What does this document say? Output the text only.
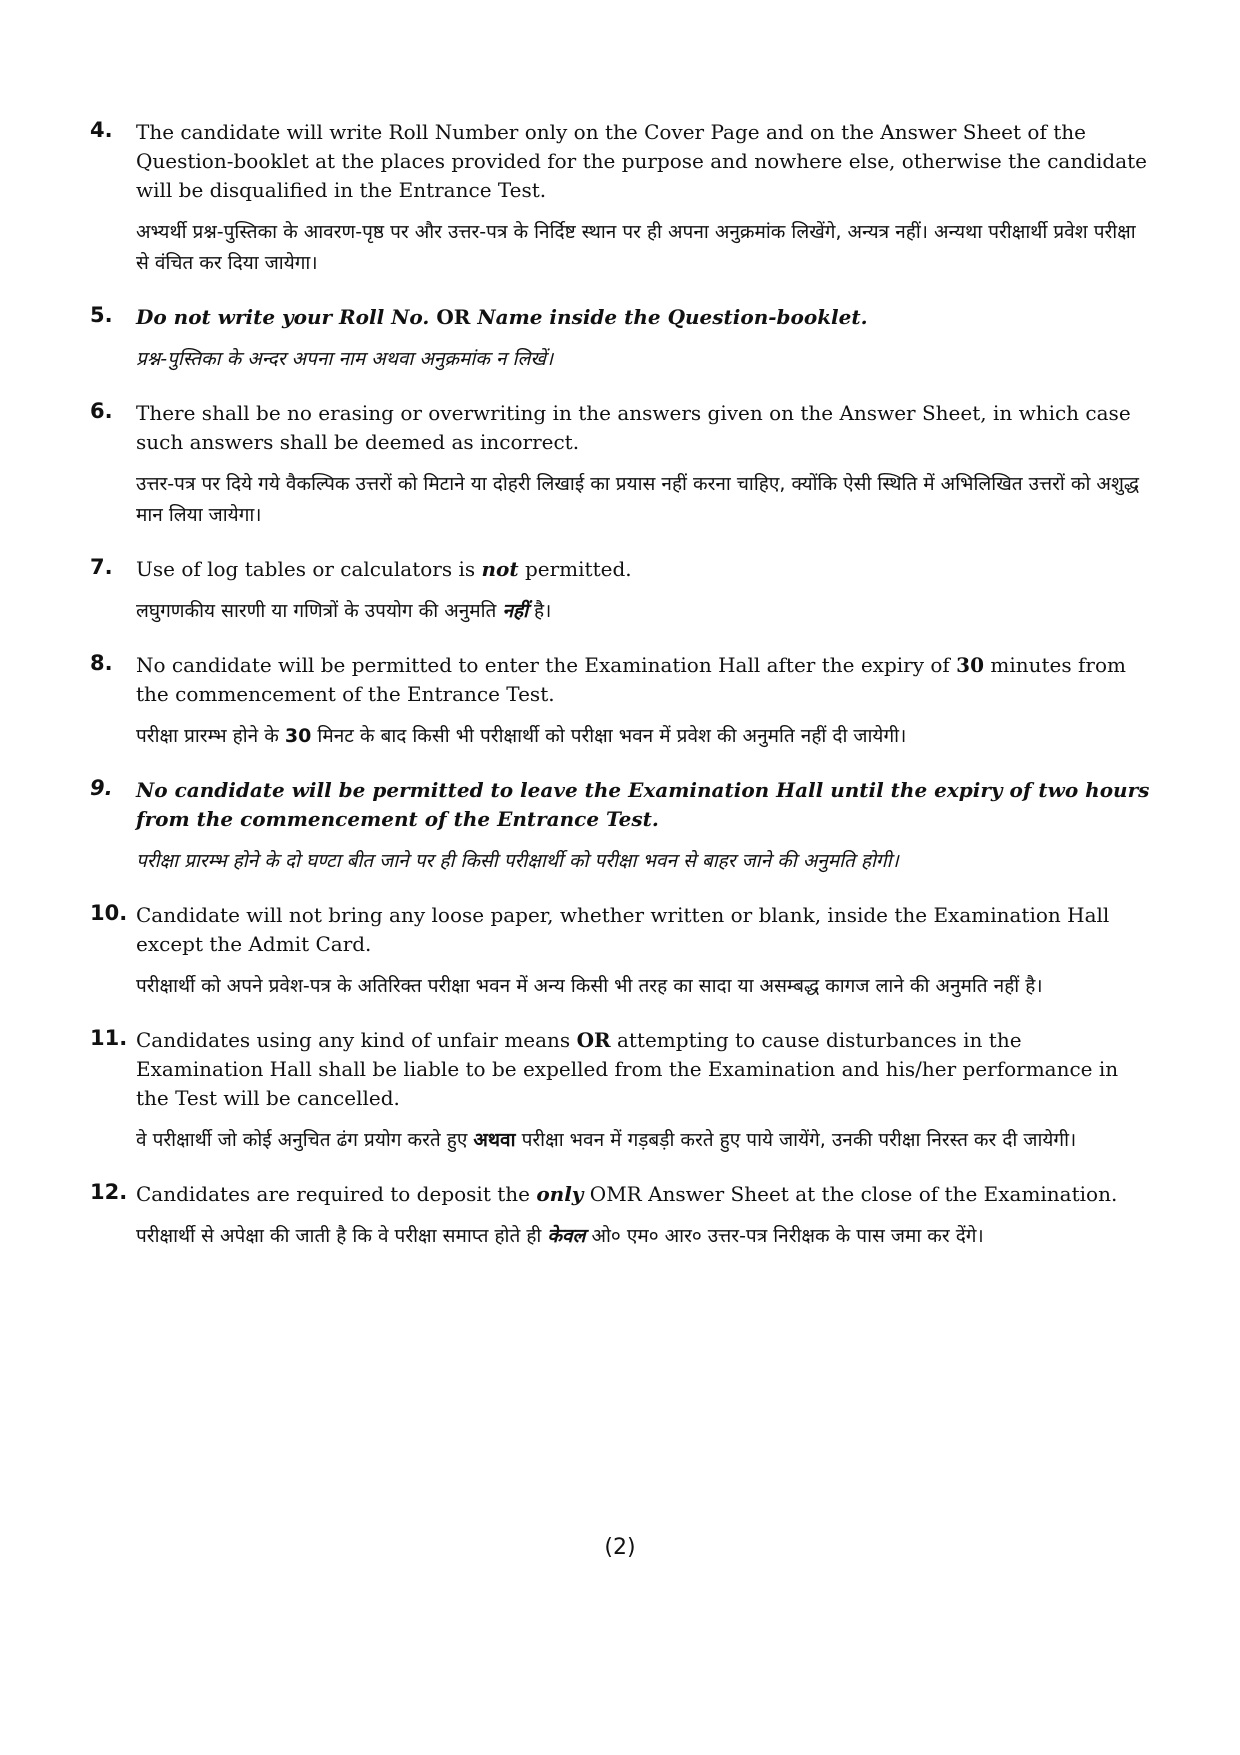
4.	The candidate will write Roll Number only on the Cover Page and on the Answer Sheet of the Question-booklet at the places provided for the purpose and nowhere else, otherwise the candidate will be disqualified in the Entrance Test.

अभ्यर्थी प्रश्न-पुस्तिका के आवरण-पृष्ठ पर और उत्तर-पत्र के निर्दिष्ट स्थान पर ही अपना अनुक्रमांक लिखेंगे, अन्यत्र नहीं। अन्यथा परीक्षार्थी प्रवेश परीक्षा से वंचित कर दिया जायेगा।

5.	Do not write your Roll No. OR Name inside the Question-booklet.

प्रश्न-पुस्तिका के अन्दर अपना नाम अथवा अनुक्रमांक न लिखें।

6.	There shall be no erasing or overwriting in the answers given on the Answer Sheet, in which case such answers shall be deemed as incorrect.

उत्तर-पत्र पर दिये गये वैकल्पिक उत्तरों को मिटाने या दोहरी लिखाई का प्रयास नहीं करना चाहिए, क्योंकि ऐसी स्थिति में अभिलिखित उत्तरों को अशुद्ध मान लिया जायेगा।

7.	Use of log tables or calculators is not permitted.

लघुगणकीय सारणी या गणित्रों के उपयोग की अनुमति नहीं है।

8.	No candidate will be permitted to enter the Examination Hall after the expiry of 30 minutes from the commencement of the Entrance Test.

परीक्षा प्रारम्भ होने के 30 मिनट के बाद किसी भी परीक्षार्थी को परीक्षा भवन में प्रवेश की अनुमति नहीं दी जायेगी।

9.	No candidate will be permitted to leave the Examination Hall until the expiry of two hours from the commencement of the Entrance Test.

परीक्षा प्रारम्भ होने के दो घण्टा बीत जाने पर ही किसी परीक्षार्थी को परीक्षा भवन से बाहर जाने की अनुमति होगी।

10. Candidate will not bring any loose paper, whether written or blank, inside the Examination Hall except the Admit Card.

परीक्षार्थी को अपने प्रवेश-पत्र के अतिरिक्त परीक्षा भवन में अन्य किसी भी तरह का सादा या असम्बद्ध कागज लाने की अनुमति नहीं है।

11. Candidates using any kind of unfair means OR attempting to cause disturbances in the Examination Hall shall be liable to be expelled from the Examination and his/her performance in the Test will be cancelled.

वे परीक्षार्थी जो कोई अनुचित ढंग प्रयोग करते हुए अथवा परीक्षा भवन में गड़बड़ी करते हुए पाये जायेंगे, उनकी परीक्षा निरस्त कर दी जायेगी।

12. Candidates are required to deposit the only OMR Answer Sheet at the close of the Examination.

परीक्षार्थी से अपेक्षा की जाती है कि वे परीक्षा समाप्त होते ही केवल ओ० एम० आर० उत्तर-पत्र निरीक्षक के पास जमा कर देंगे।

(2)
